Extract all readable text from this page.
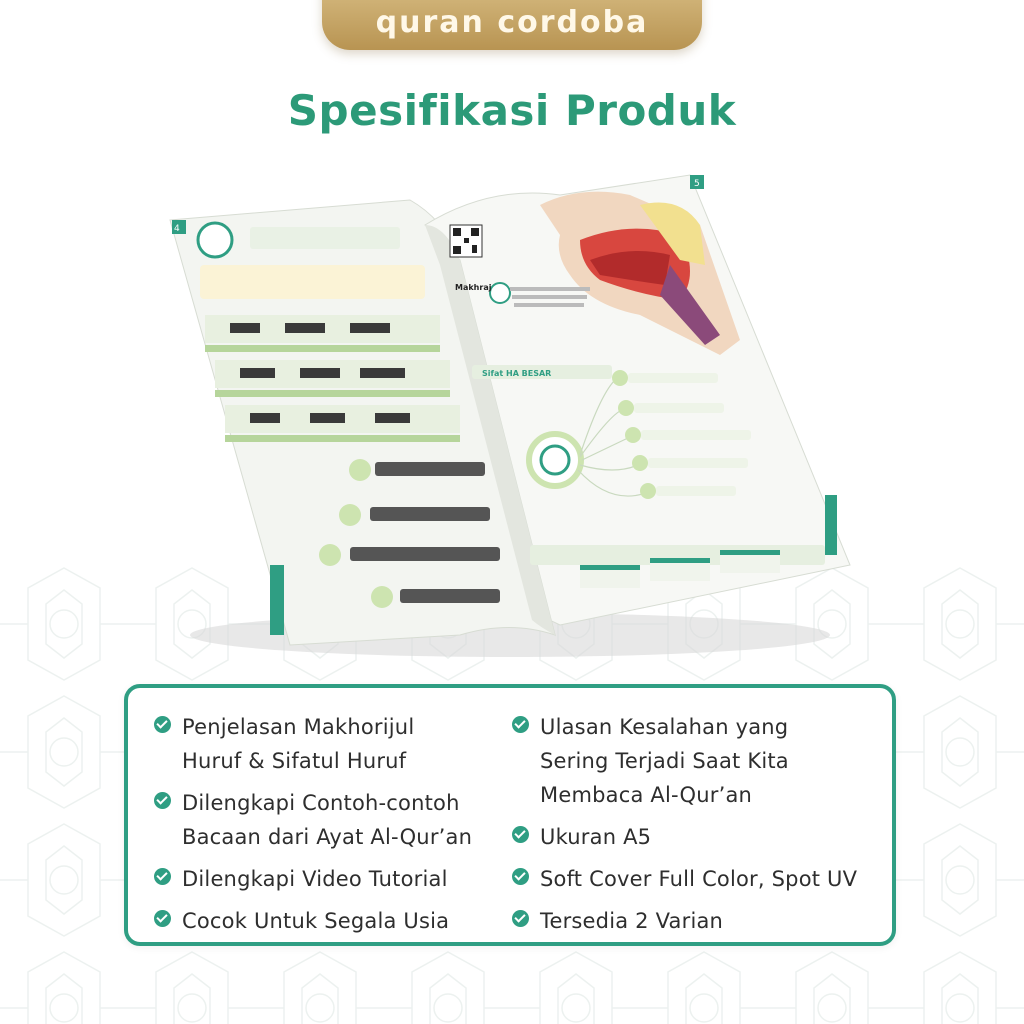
quran cordoba
Spesifikasi Produk
4
5
Makhraj
Sifat HA BESAR
Penjelasan Makhorijul
Huruf & Sifatul Huruf
Dilengkapi Contoh-contoh
Bacaan dari Ayat Al-Qur’an
Dilengkapi Video Tutorial
Cocok Untuk Segala Usia
Ulasan Kesalahan yang
Sering Terjadi Saat Kita
Membaca Al-Qur’an
Ukuran A5
Soft Cover Full Color, Spot UV
Tersedia 2 Varian
